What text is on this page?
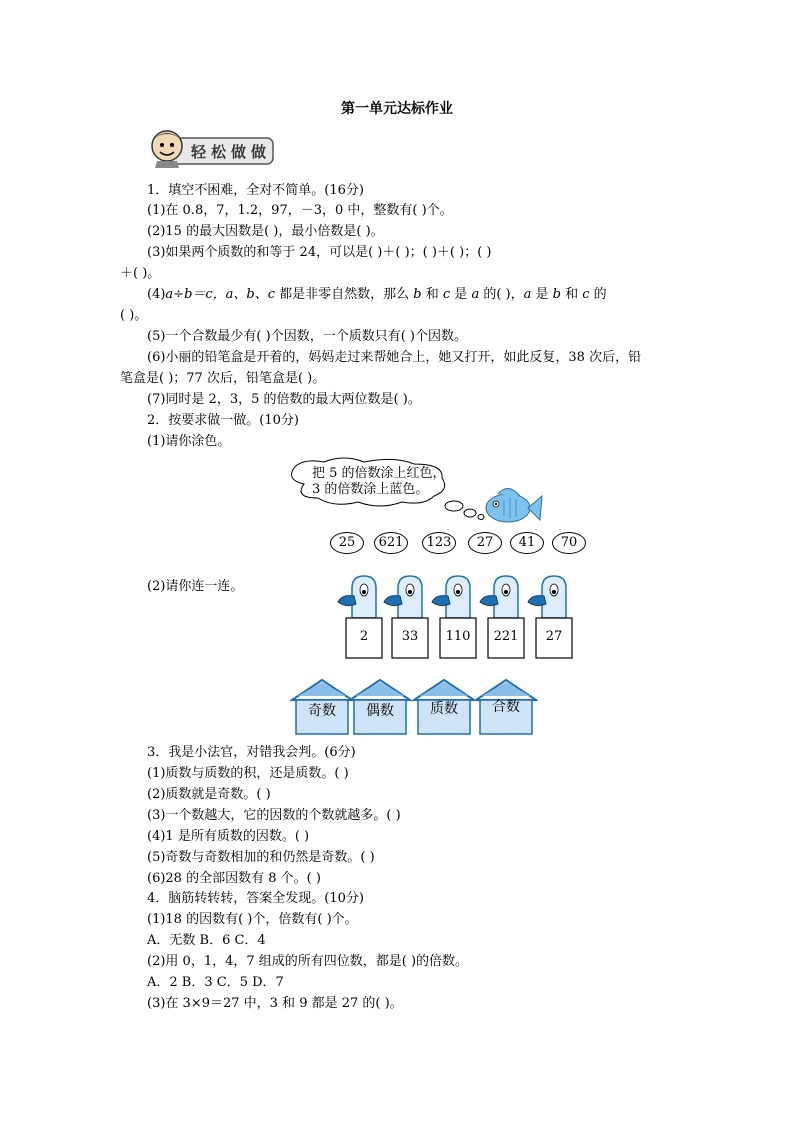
第一单元达标作业
轻松做做
1．填空不困难，全对不简单。(16分)
(1)在 0.8，7，1.2，97，－3，0 中，整数有( )个。
(2)15 的最大因数是( )，最小倍数是( )。
(3)如果两个质数的和等于 24，可以是( )＋( )；( )＋( )；( )
＋( )。
(4)a÷b＝c，a、b、c 都是非零自然数，那么 b 和 c 是 a 的( )，a 是 b 和 c 的
( )。
(5)一个合数最少有( )个因数，一个质数只有( )个因数。
(6)小丽的铅笔盒是开着的，妈妈走过来帮她合上，她又打开，如此反复，38 次后，铅
笔盒是( )；77 次后，铅笔盒是( )。
(7)同时是 2，3，5 的倍数的最大两位数是( )。
2．按要求做一做。(10分)
(1)请你涂色。
把 5 的倍数涂上红色，
3 的倍数涂上蓝色。
25	621	123	27	41	70
(2)请你连一连。
2	33	110	221	27
奇数	偶数	质数	合数
3．我是小法官，对错我会判。(6分)
(1)质数与质数的积，还是质数。( )
(2)质数就是奇数。( )
(3)一个数越大，它的因数的个数就越多。( )
(4)1 是所有质数的因数。( )
(5)奇数与奇数相加的和仍然是奇数。( )
(6)28 的全部因数有 8 个。( )
4．脑筋转转转，答案全发现。(10分)
(1)18 的因数有( )个，倍数有( )个。
A．无数 B．6 C．4
(2)用 0，1，4，7 组成的所有四位数，都是( )的倍数。
A．2 B．3 C．5 D．7
(3)在 3×9＝27 中，3 和 9 都是 27 的( )。
